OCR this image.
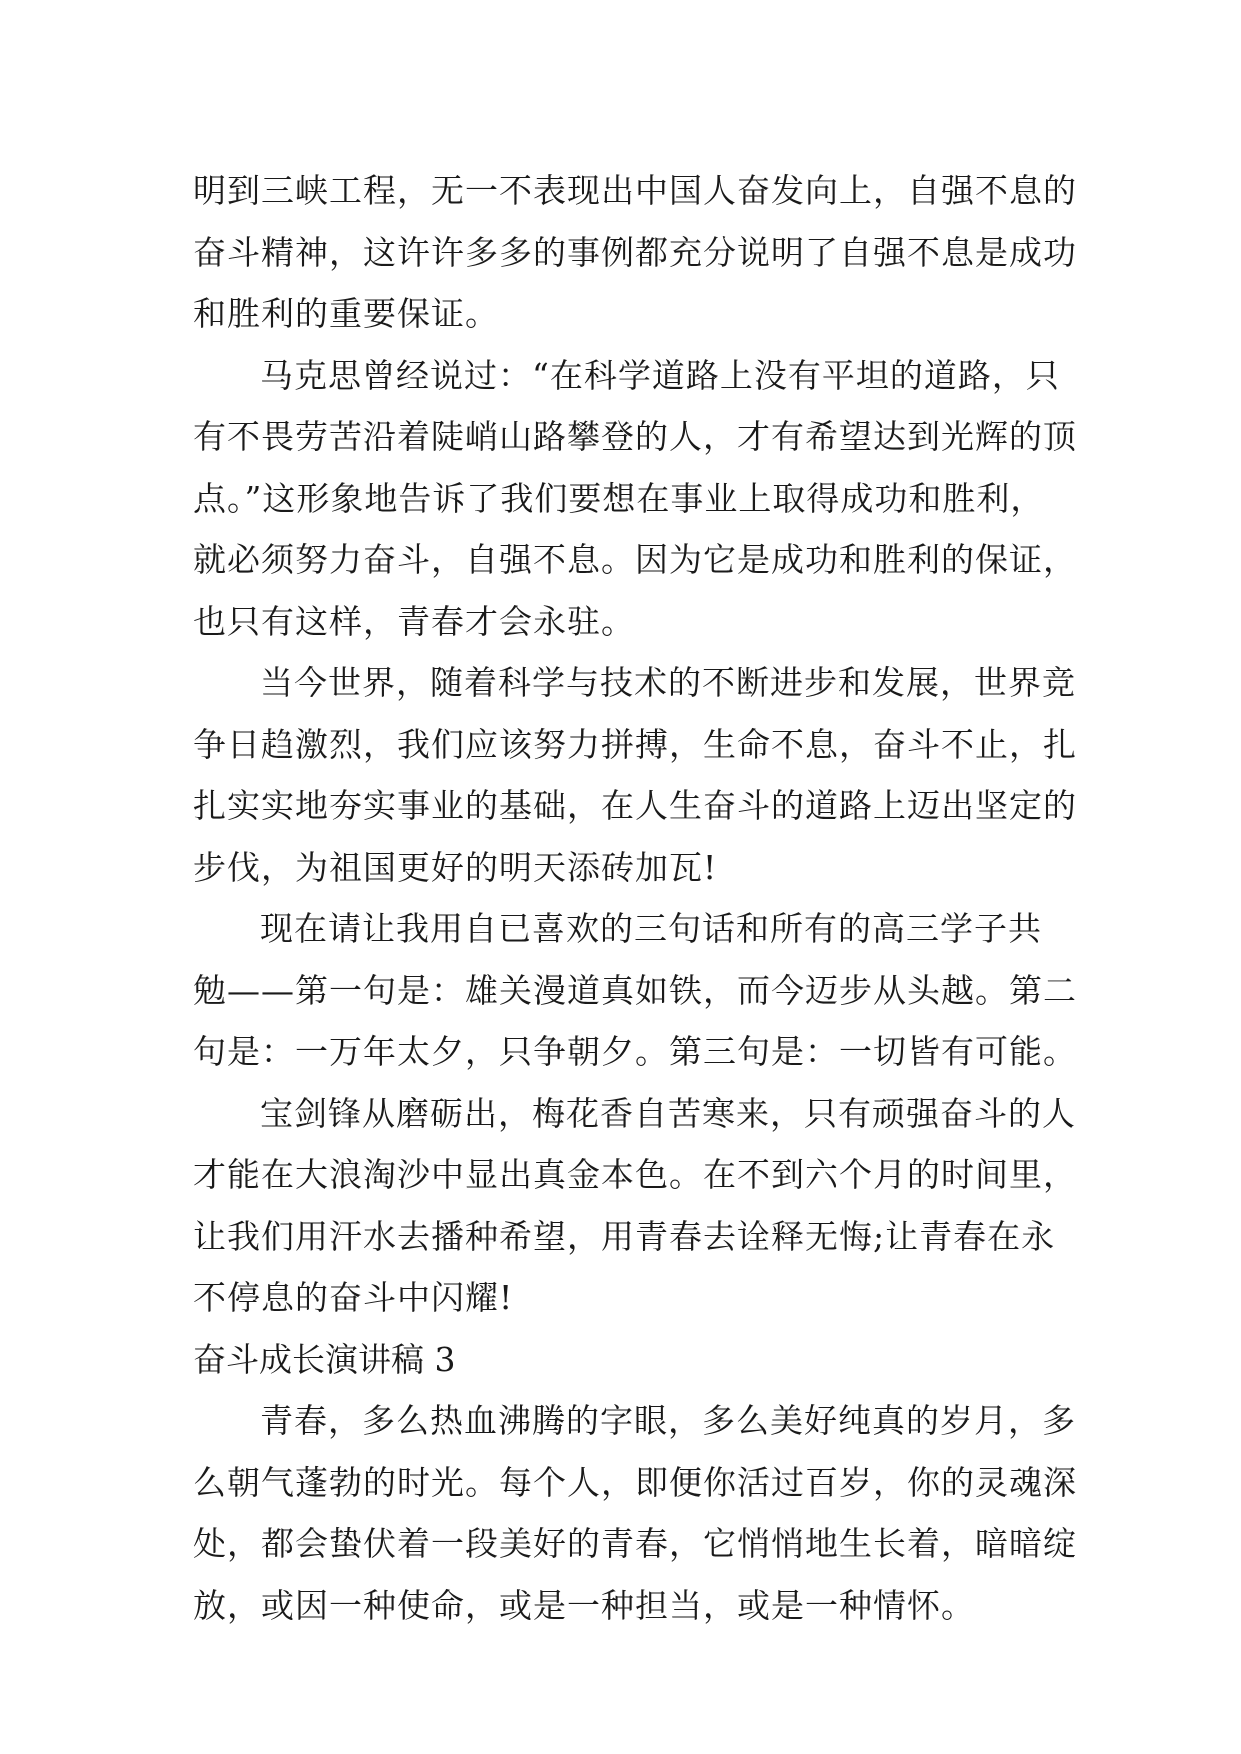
明到三峡工程，无一不表现出中国人奋发向上，自强不息的
奋斗精神，这许许多多的事例都充分说明了自强不息是成功
和胜利的重要保证。
马克思曾经说过：“在科学道路上没有平坦的道路，只
有不畏劳苦沿着陡峭山路攀登的人，才有希望达到光辉的顶
点。”这形象地告诉了我们要想在事业上取得成功和胜利，
就必须努力奋斗，自强不息。因为它是成功和胜利的保证，
也只有这样，青春才会永驻。
当今世界，随着科学与技术的不断进步和发展，世界竞
争日趋激烈，我们应该努力拼搏，生命不息，奋斗不止，扎
扎实实地夯实事业的基础，在人生奋斗的道路上迈出坚定的
步伐，为祖国更好的明天添砖加瓦!
现在请让我用自已喜欢的三句话和所有的高三学子共
勉——第一句是：雄关漫道真如铁，而今迈步从头越。第二
句是：一万年太夕，只争朝夕。第三句是：一切皆有可能。
宝剑锋从磨砺出，梅花香自苦寒来，只有顽强奋斗的人
才能在大浪淘沙中显出真金本色。在不到六个月的时间里，
让我们用汗水去播种希望，用青春去诠释无悔;让青春在永
不停息的奋斗中闪耀!
奋斗成长演讲稿 3
青春，多么热血沸腾的字眼，多么美好纯真的岁月，多
么朝气蓬勃的时光。每个人，即便你活过百岁，你的灵魂深
处，都会蛰伏着一段美好的青春，它悄悄地生长着，暗暗绽
放，或因一种使命，或是一种担当，或是一种情怀。
